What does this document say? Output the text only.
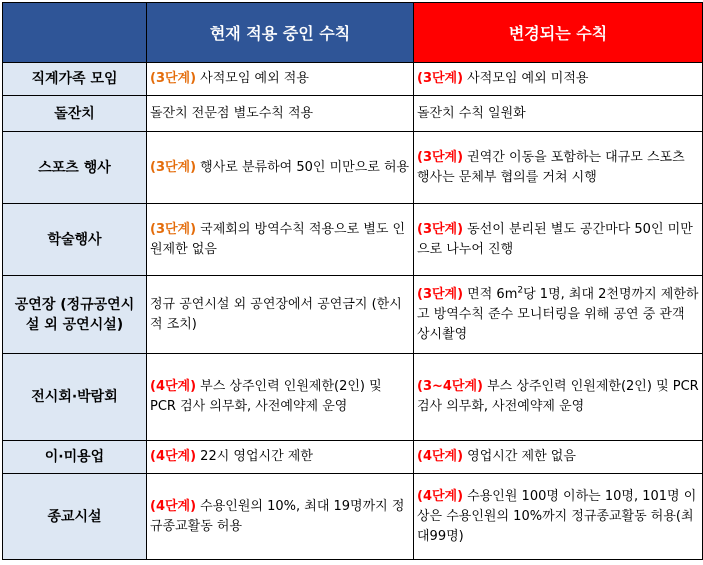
	현재 적용 중인 수칙	변경되는 수칙
직계가족 모임	(3단계) 사적모임 예외 적용	(3단계) 사적모임 예외 미적용
돌잔치	돌잔치 전문점 별도수칙 적용	돌잔치 수칙 일원화
스포츠 행사	(3단계) 행사로 분류하여 50인 미만으로 허용	(3단계) 권역간 이동을 포함하는 대규모 스포츠 행사는 문체부 협의를 거쳐 시행
학술행사	(3단계) 국제회의 방역수칙 적용으로 별도 인원제한 없음	(3단계) 동선이 분리된 별도 공간마다 50인 미만으로 나누어 진행
공연장 (정규공연시설 외 공연시설)	정규 공연시설 외 공연장에서 공연금지 (한시적 조치)	(3단계) 면적 $6m^2$당 1명, 최대 2천명까지 제한하고 방역수칙 준수 모니터링을 위해 공연 중 관객 상시촬영
전시회·박람회	(4단계) 부스 상주인력 인원제한(2인) 및 PCR 검사 의무화, 사전예약제 운영	(3~4단계) 부스 상주인력 인원제한(2인) 및 PCR 검사 의무화, 사전예약제 운영
이·미용업	(4단계) 22시 영업시간 제한	(4단계) 영업시간 제한 없음
종교시설	(4단계) 수용인원의 10%, 최대 19명까지 정규종교활동 허용	(4단계) 수용인원 100명 이하는 10명, 101명 이상은 수용인원의 10%까지 정규종교활동 허용(최대99명)
